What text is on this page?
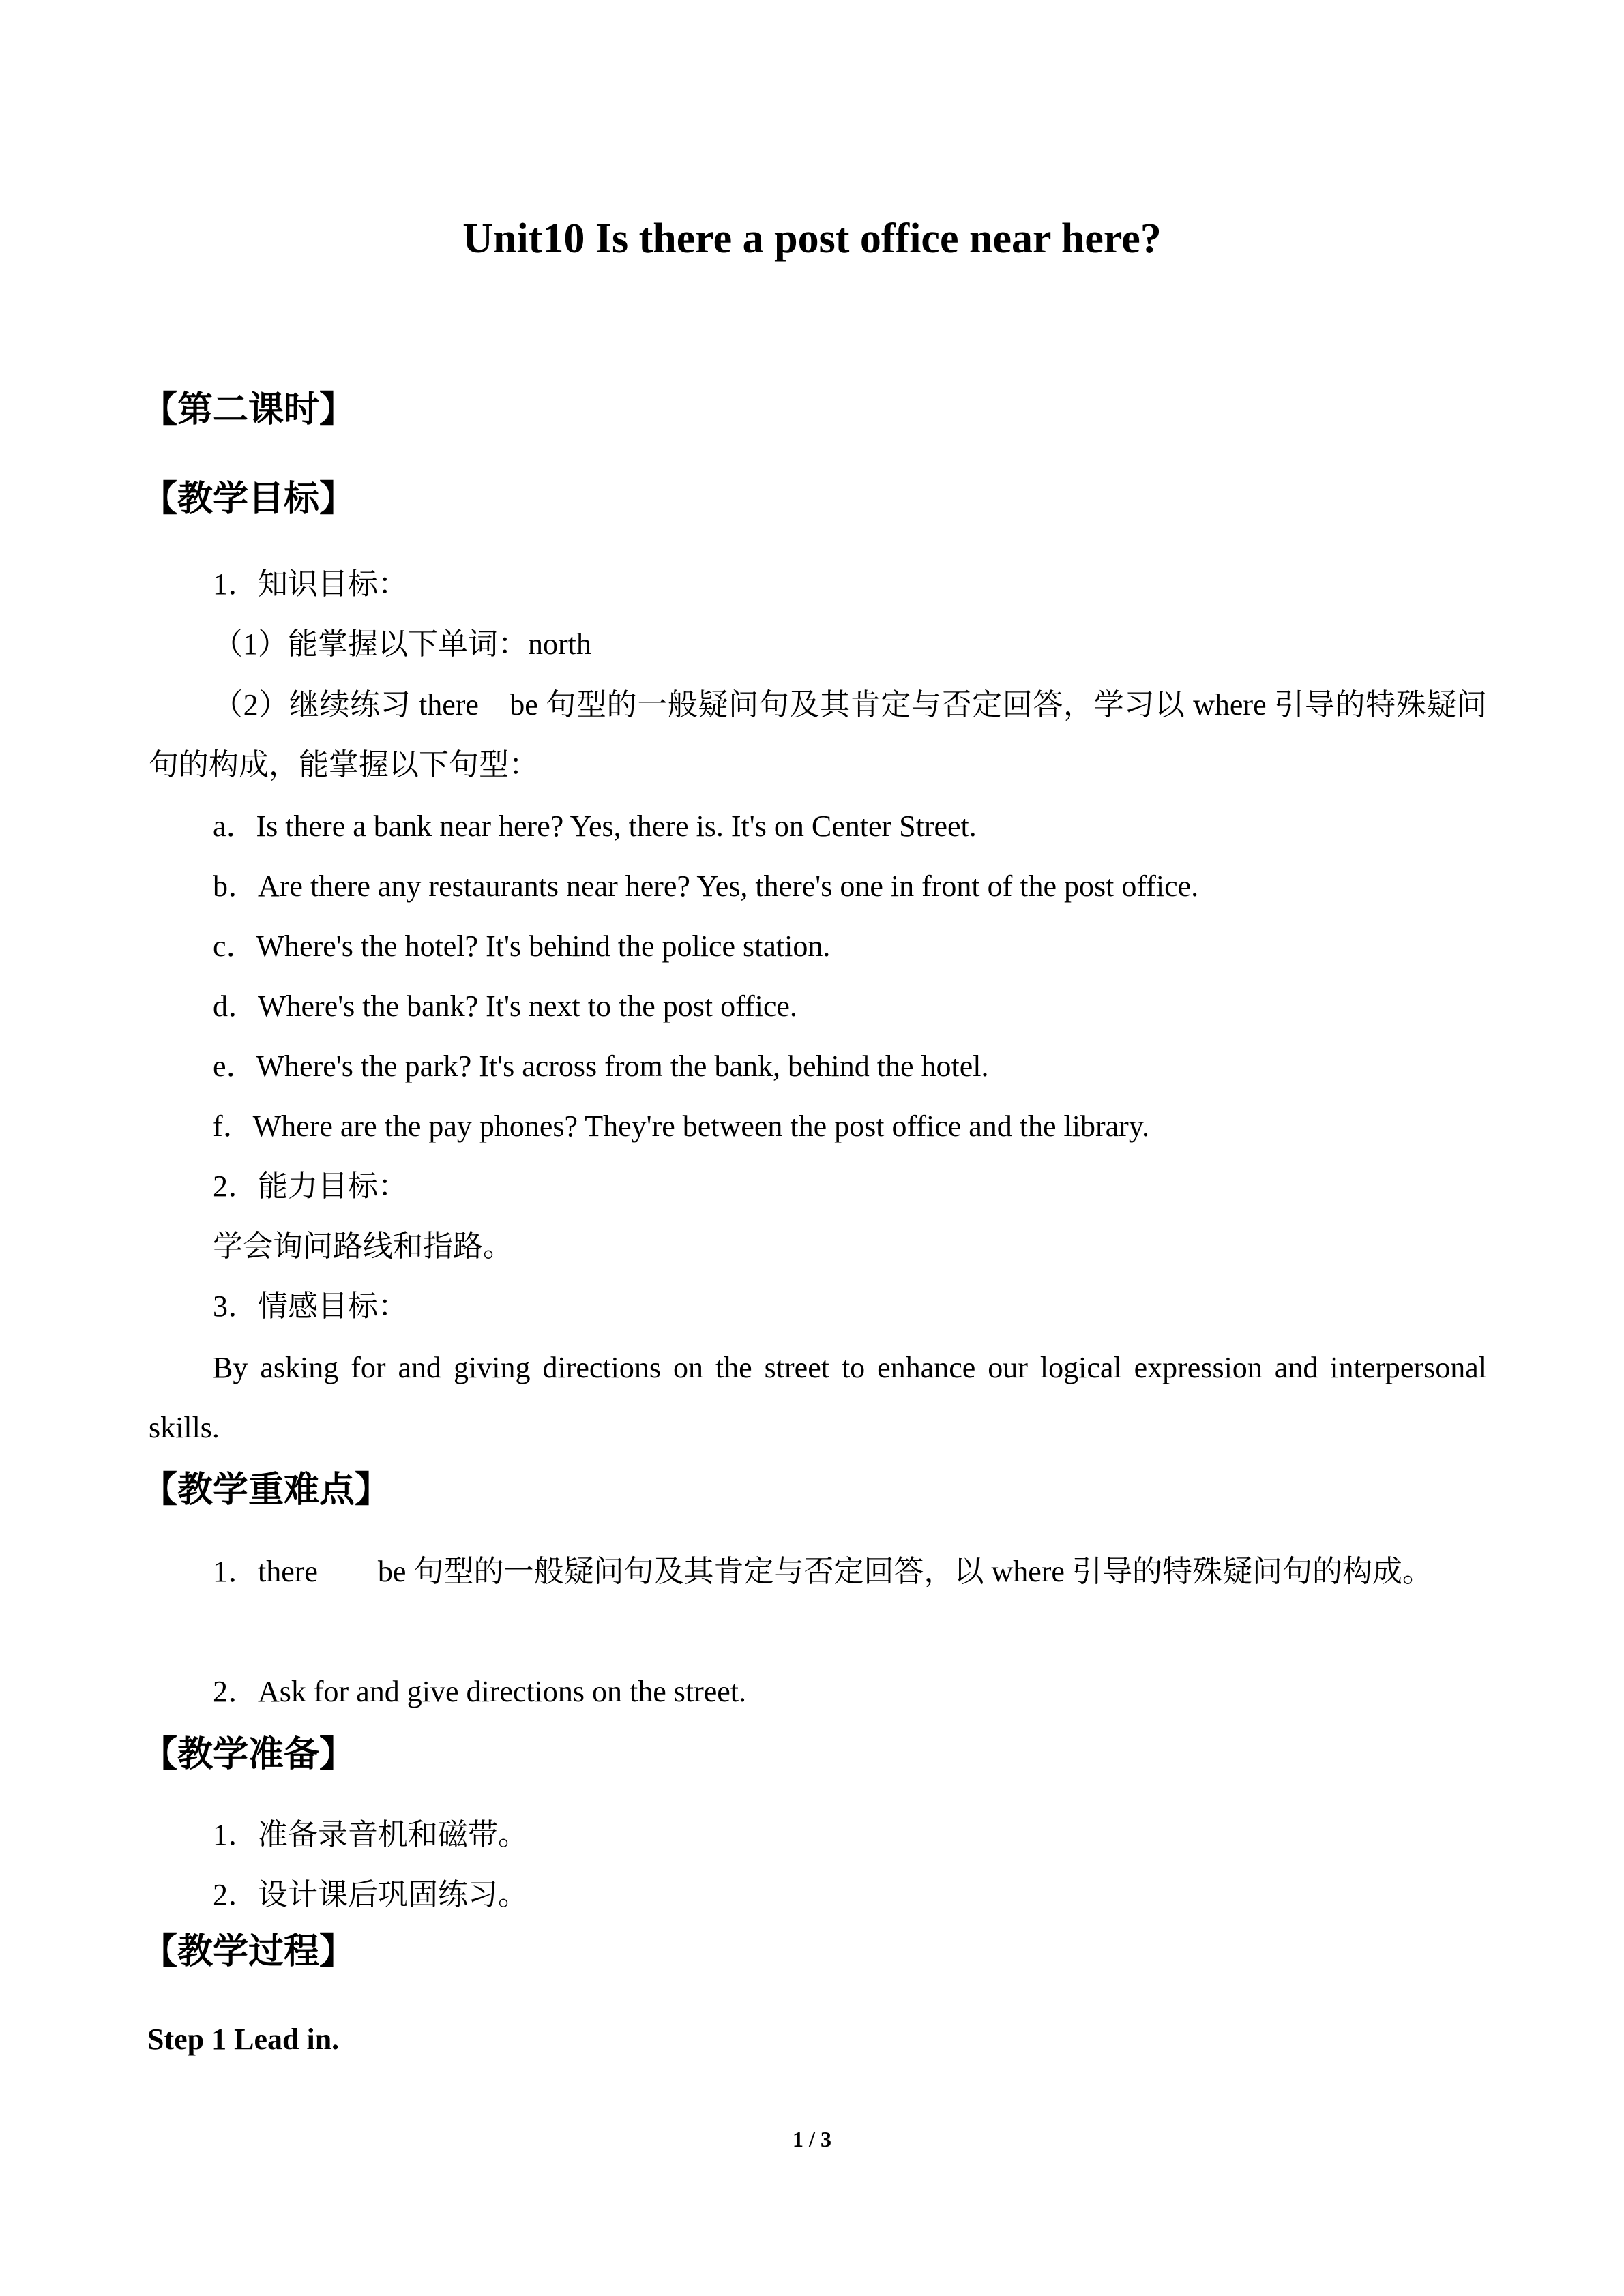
Unit10 Is there a post office near here?
【第二课时】
【教学目标】
1．知识目标：
（1）能掌握以下单词：north
（2）继续练习 there　be 句型的一般疑问句及其肯定与否定回答，学习以 where 引导的特殊疑问句的构成，能掌握以下句型：
a．Is there a bank near here? Yes, there is. It's on Center Street.
b．Are there any restaurants near here? Yes, there's one in front of the post office.
c．Where's the hotel? It's behind the police station.
d．Where's the bank? It's next to the post office.
e．Where's the park? It's across from the bank, behind the hotel.
f．Where are the pay phones? They're between the post office and the library.
2．能力目标：
学会询问路线和指路。
3．情感目标：
By asking for and giving directions on the street to enhance our logical expression and interpersonal skills.
【教学重难点】
1．there　　be 句型的一般疑问句及其肯定与否定回答，以 where 引导的特殊疑问句的构成。
2．Ask for and give directions on the street.
【教学准备】
1．准备录音机和磁带。
2．设计课后巩固练习。
【教学过程】
Step 1 Lead in.
1 / 3
